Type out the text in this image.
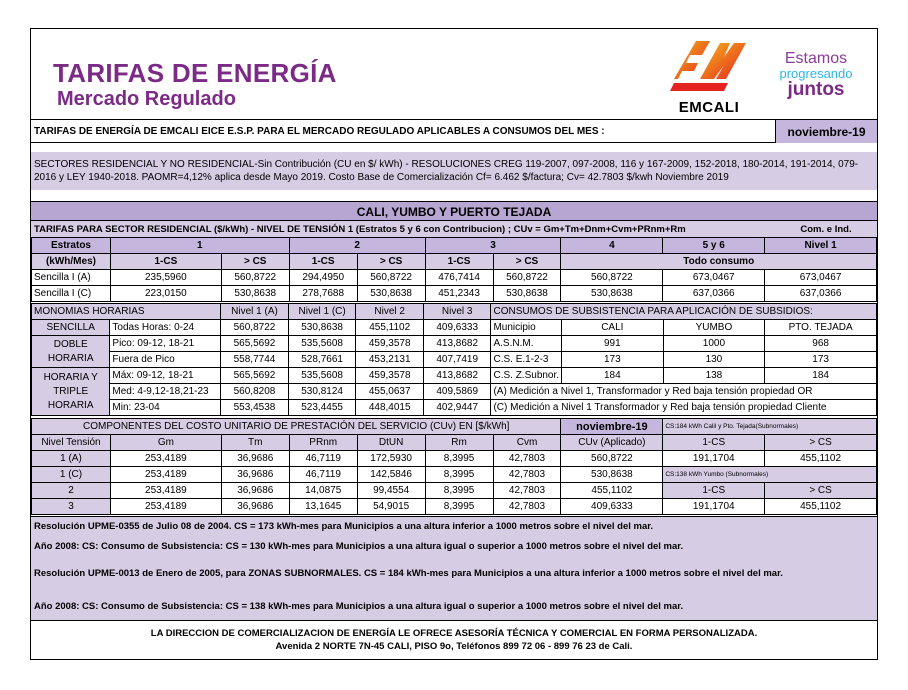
TARIFAS DE ENERGÍA
Mercado Regulado	EMCALI
Estamos
progresando
juntos
TARIFAS DE ENERGÍA DE EMCALI EICE E.S.P. PARA EL MERCADO REGULADO APLICABLES A CONSUMOS DEL MES :	noviembre-19
SECTORES RESIDENCIAL Y NO RESIDENCIAL-Sin Contribución (CU en $/ kWh) - RESOLUCIONES CREG 119-2007, 097-2008, 116 y 167-2009, 152-2018, 180-2014, 191-2014, 079-2016 y LEY 1940-2018. PAOMR=4,12% aplica desde Mayo 2019. Costo Base de Comercialización Cf= 6.462 $/factura; Cv= 42.7803 $/kwh Noviembre 2019
CALI, YUMBO Y PUERTO TEJADA
TARIFAS PARA SECTOR RESIDENCIAL ($/kWh) - NIVEL DE TENSIÓN 1 (Estratos 5 y 6 con Contribucion) ; CUv = Gm+Tm+Dnm+Cvm+PRnm+Rm	Com. e Ind.
Estratos	1		2		3		4	5 y 6	Nivel 1
(kWh/Mes)	1-CS	> CS	1-CS	> CS	1-CS	> CS	Todo consumo		
Sencilla I (A)	235,5960	560,8722	294,4950	560,8722	476,7414	560,8722	560,8722	673,0467	673,0467
Sencilla I (C)	223,0150	530,8638	278,7688	530,8638	451,2343	530,8638	530,8638	637,0366	637,0366
MONOMIAS HORARIAS		Nivel 1 (A)	Nivel 1 (C)	Nivel 2	Nivel 3	CONSUMOS DE SUBSISTENCIA PARA APLICACIÓN DE SUBSIDIOS:			
SENCILLA	Todas Horas: 0-24	560,8722	530,8638	455,1102	409,6333	Municipio	CALI	YUMBO	PTO. TEJADA
DOBLE HORARIA	Pico: 09-12, 18-21	565,5692	535,5608	459,3578	413,8682	A.S.N.M.	991	1000	968
	Fuera de Pico	558,7744	528,7661	453,2131	407,7419	C.S. E.1-2-3	173	130	173
HORARIA Y TRIPLE HORARIA	Máx: 09-12, 18-21	565,5692	535,5608	459,3578	413,8682	C.S. Z.Subnor.	184	138	184
	Med: 4-9,12-18,21-23	560,8208	530,8124	455,0637	409,5869	(A) Medición a Nivel 1, Transformador y Red baja tensión propiedad OR			
	Min: 23-04	553,4538	523,4455	448,4015	402,9447	(C) Medición a Nivel 1 Transformador y Red baja tensión propiedad Cliente			
COMPONENTES DEL COSTO UNITARIO DE PRESTACIÓN DEL SERVICIO (CUv) EN [$/kWh]							noviembre-19	CS:184 kWh Calil y Pto. Tejada(Subnormales)	
Nivel Tensión	Gm	Tm	PRnm	DtUN	Rm	Cvm	CUv (Aplicado)	1-CS	> CS
1 (A)	253,4189	36,9686	46,7119	172,5930	8,3995	42,7803	560,8722	191,1704	455,1102
1 (C)	253,4189	36,9686	46,7119	142,5846	8,3995	42,7803	530,8638	CS:138 kWh Yumbo (Subnormales)	
2	253,4189	36,9686	14,0875	99,4554	8,3995	42,7803	455,1102	1-CS	> CS
3	253,4189	36,9686	13,1645	54,9015	8,3995	42,7803	409,6333	191,1704	455,1102
Resolución UPME-0355 de Julio 08 de 2004. CS = 173 kWh-mes para Municipios a una altura inferior a 1000 metros sobre el nivel del mar.
Año 2008: CS: Consumo de Subsistencia: CS = 130 kWh-mes para Municipios a una altura igual o superior a 1000 metros sobre el nivel del mar.
Resolución UPME-0013 de Enero de 2005, para ZONAS SUBNORMALES. CS = 184 kWh-mes para Municipios a una altura inferior a 1000 metros sobre el nivel del mar.
Año 2008: CS: Consumo de Subsistencia: CS = 138 kWh-mes para Municipios a una altura igual o superior a 1000 metros sobre el nivel del mar.
LA DIRECCION DE COMERCIALIZACION DE ENERGÍA LE OFRECE ASESORÍA TÉCNICA Y COMERCIAL EN FORMA PERSONALIZADA.
Avenida 2 NORTE 7N-45 CALI, PISO 9o, Teléfonos 899 72 06 - 899 76 23 de Cali.
